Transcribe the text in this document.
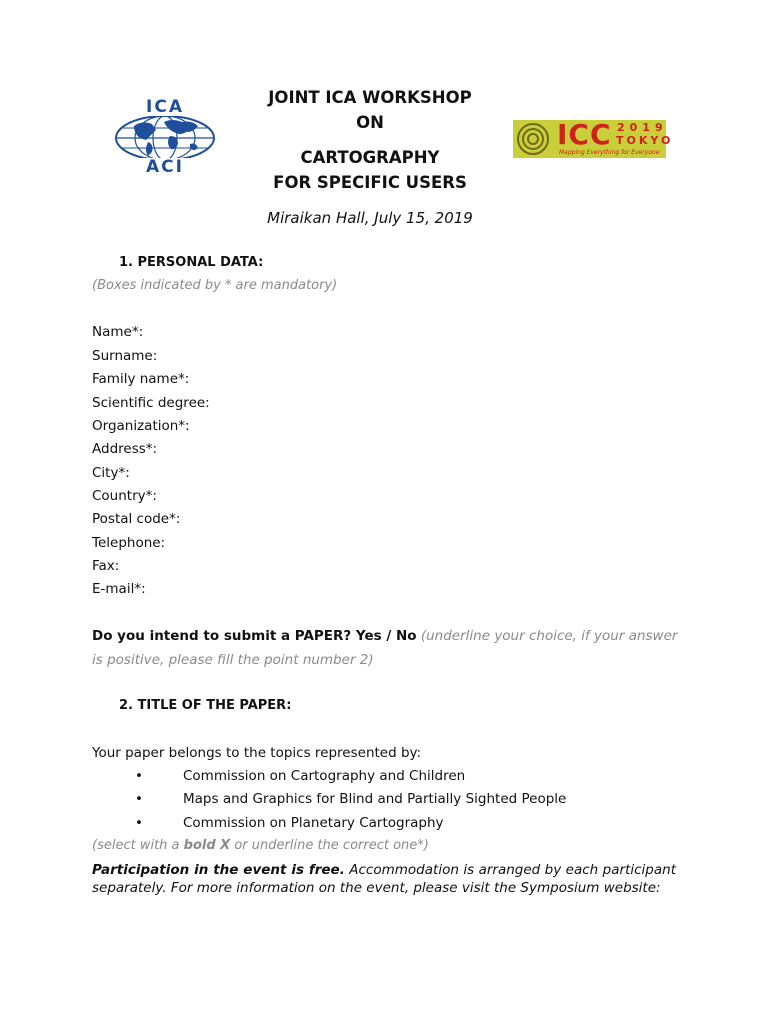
ICA
ACI
ICC 2019
TOKYO
Mapping Everything for Everyone
JOINT ICA WORKSHOP
ON
CARTOGRAPHY
FOR SPECIFIC USERS
Miraikan Hall, July 15, 2019
1. PERSONAL DATA:
(Boxes indicated by * are mandatory)
Name*:
Surname:
Family name*:
Scientific degree:
Organization*:
Address*:
City*:
Country*:
Postal code*:
Telephone:
Fax:
E-mail*:
Do you intend to submit a PAPER? Yes / No (underline your choice, if your answer is positive, please fill the point number 2)
2. TITLE OF THE PAPER:
Your paper belongs to the topics represented by:
•	Commission on Cartography and Children
•	Maps and Graphics for Blind and Partially Sighted People
•	Commission on Planetary Cartography
(select with a bold X or underline the correct one*)
Participation in the event is free. Accommodation is arranged by each participant separately. For more information on the event, please visit the Symposium website:
